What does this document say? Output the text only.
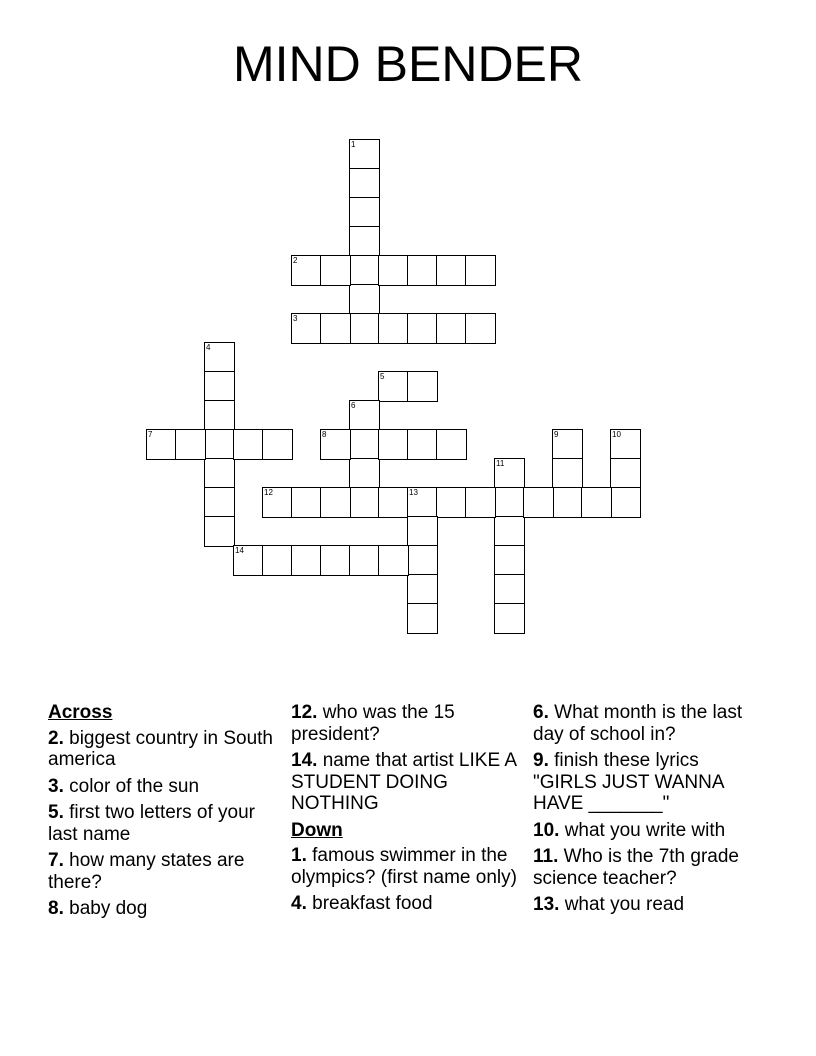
MIND BENDER
1
2
3
4
5
6
7	8	9	10
11
12	13
14
Across
2. biggest country in South america
3. color of the sun
5. first two letters of your last name
7. how many states are there?
8. baby dog
12. who was the 15 president?
14. name that artist LIKE A STUDENT DOING NOTHING
Down
1. famous swimmer in the olympics? (first name only)
4. breakfast food
6. What month is the last day of school in?
9. finish these lyrics "GIRLS JUST WANNA HAVE _______"
10. what you write with
11. Who is the 7th grade science teacher?
13. what you read
